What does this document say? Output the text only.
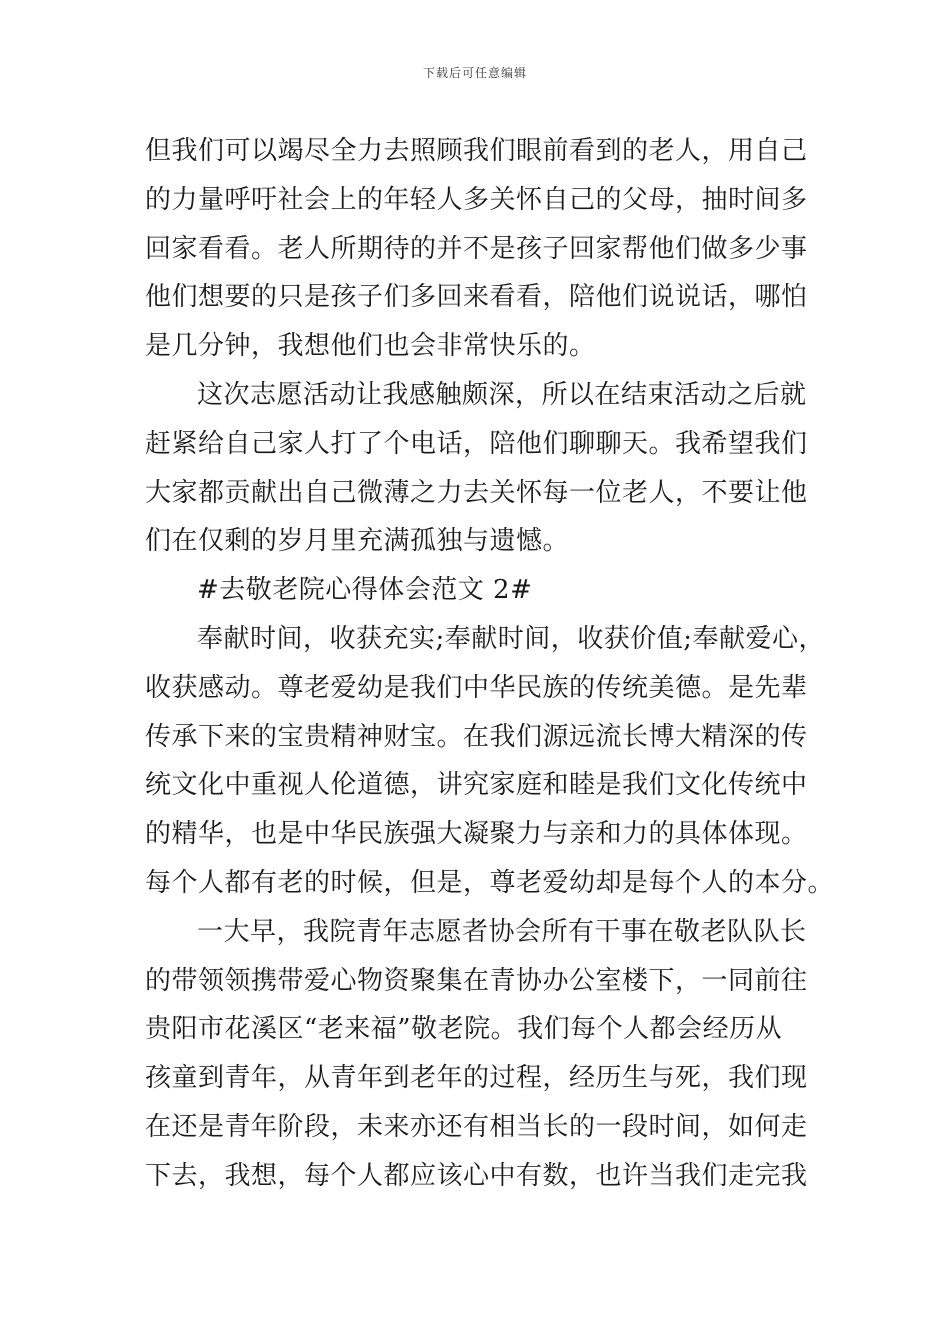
下载后可任意编辑
但我们可以竭尽全力去照顾我们眼前看到的老人，用自己
的力量呼吁社会上的年轻人多关怀自己的父母，抽时间多
回家看看。老人所期待的并不是孩子回家帮他们做多少事
他们想要的只是孩子们多回来看看，陪他们说说话，哪怕
是几分钟，我想他们也会非常快乐的。
这次志愿活动让我感触颇深，所以在结束活动之后就
赶紧给自己家人打了个电话，陪他们聊聊天。我希望我们
大家都贡献出自己微薄之力去关怀每一位老人，不要让他
们在仅剩的岁月里充满孤独与遗憾。
#去敬老院心得体会范文 2#
奉献时间，收获充实;奉献时间，收获价值;奉献爱心，
收获感动。尊老爱幼是我们中华民族的传统美德。是先辈
传承下来的宝贵精神财宝。在我们源远流长博大精深的传
统文化中重视人伦道德，讲究家庭和睦是我们文化传统中
的精华，也是中华民族强大凝聚力与亲和力的具体体现。
每个人都有老的时候，但是，尊老爱幼却是每个人的本分。
一大早，我院青年志愿者协会所有干事在敬老队队长
的带领领携带爱心物资聚集在青协办公室楼下，一同前往
贵阳市花溪区“老来福”敬老院。我们每个人都会经历从
孩童到青年，从青年到老年的过程，经历生与死，我们现
在还是青年阶段，未来亦还有相当长的一段时间，如何走
下去，我想，每个人都应该心中有数，也许当我们走完我
